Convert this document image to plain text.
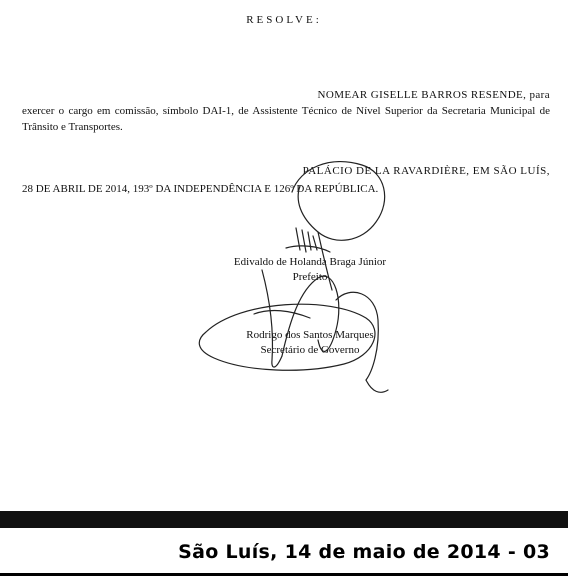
RESOLVE:
NOMEAR GISELLE BARROS RESENDE, para
exercer o cargo em comissão, símbolo DAI-1, de Assistente Técnico de Nível Superior da Secretaria Municipal de Trânsito e Transportes.
PALÁCIO DE LA RAVARDIÈRE, EM SÃO LUÍS,
28 DE ABRIL DE 2014, 193º DA INDEPENDÊNCIA E 126º DA REPÚBLICA.
Edivaldo de Holanda Braga Júnior
Prefeito
Rodrigo dos Santos Marques
Secretário de Governo
São Luís, 14 de maio de 2014 - 03
